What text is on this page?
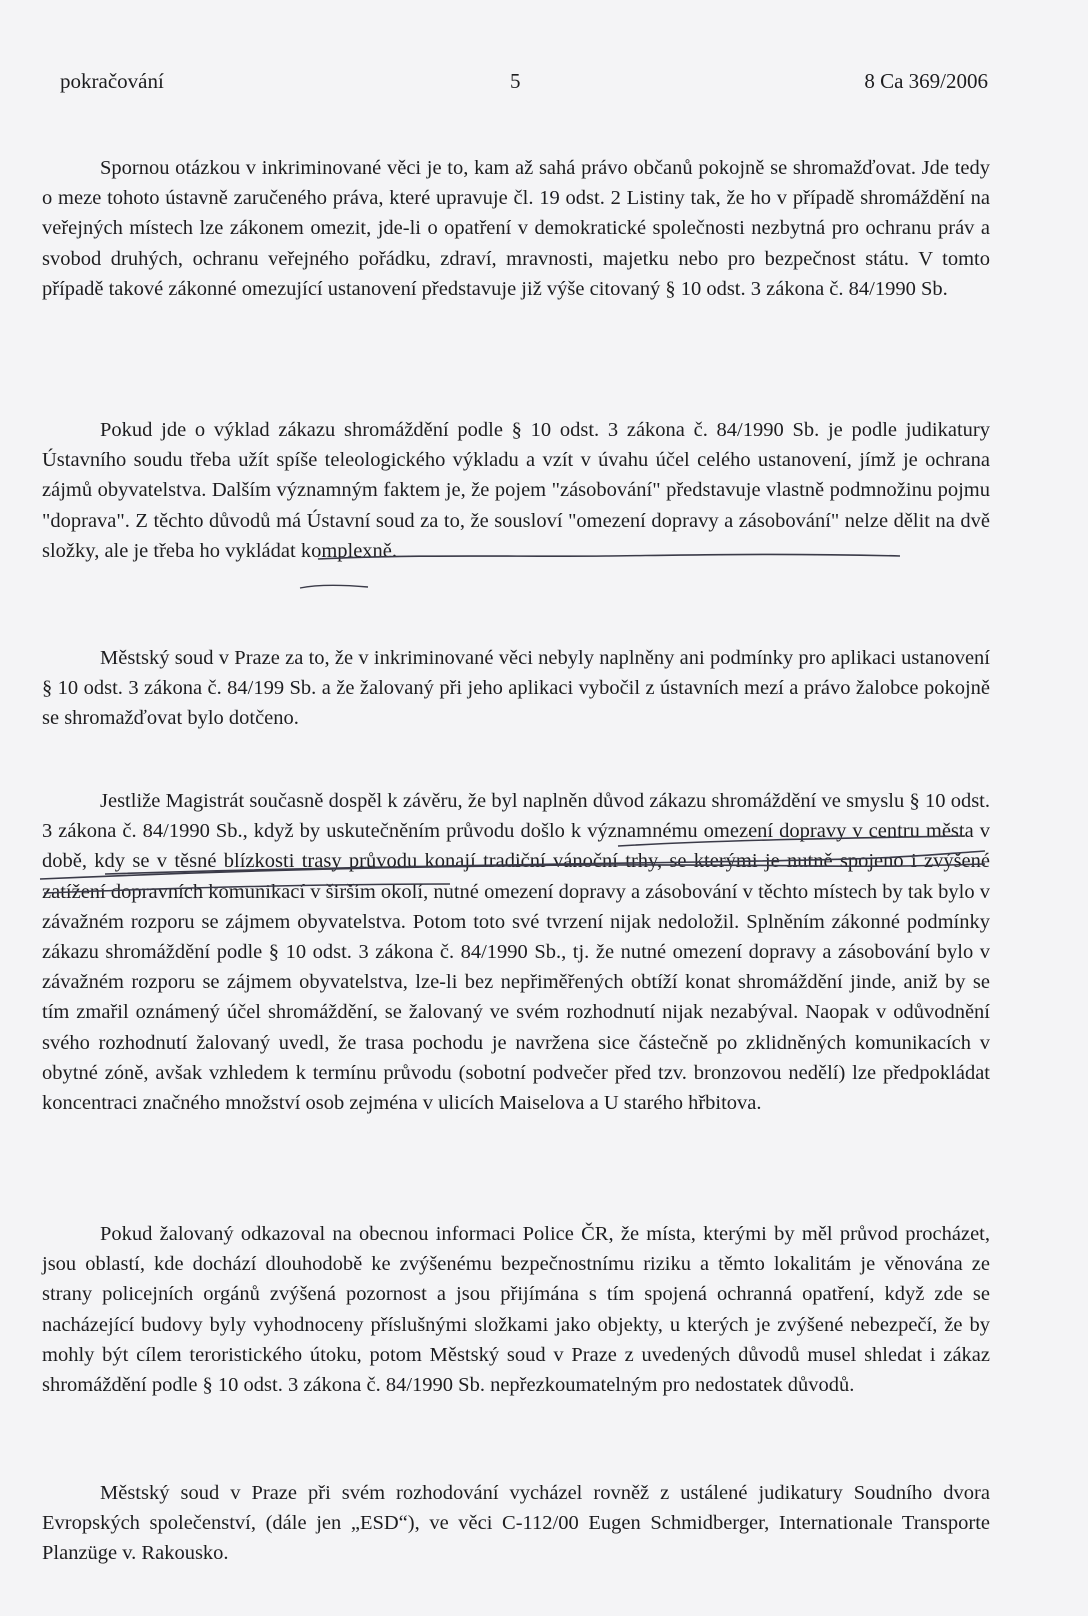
pokračování	5	8 Ca 369/2006

Spornou otázkou v inkriminované věci je to, kam až sahá právo občanů pokojně se shromažďovat. Jde tedy o meze tohoto ústavně zaručeného práva, které upravuje čl. 19 odst. 2 Listiny tak, že ho v případě shromáždění na veřejných místech lze zákonem omezit, jde-li o opatření v demokratické společnosti nezbytná pro ochranu práv a svobod druhých, ochranu veřejného pořádku, zdraví, mravnosti, majetku nebo pro bezpečnost státu. V tomto případě takové zákonné omezující ustanovení představuje již výše citovaný § 10 odst. 3 zákona č. 84/1990 Sb.

Pokud jde o výklad zákazu shromáždění podle § 10 odst. 3 zákona č. 84/1990 Sb. je podle judikatury Ústavního soudu třeba užít spíše teleologického výkladu a vzít v úvahu účel celého ustanovení, jímž je ochrana zájmů obyvatelstva. Dalším významným faktem je, že pojem "zásobování" představuje vlastně podmnožinu pojmu "doprava". Z těchto důvodů má Ústavní soud za to, že sousloví "omezení dopravy a zásobování" nelze dělit na dvě složky, ale je třeba ho vykládat komplexně.

Městský soud v Praze za to, že v inkriminované věci nebyly naplněny ani podmínky pro aplikaci ustanovení § 10 odst. 3 zákona č. 84/199 Sb. a že žalovaný při jeho aplikaci vybočil z ústavních mezí a právo žalobce pokojně se shromažďovat bylo dotčeno.

Jestliže Magistrát současně dospěl k závěru, že byl naplněn důvod zákazu shromáždění ve smyslu § 10 odst. 3 zákona č. 84/1990 Sb., když by uskutečněním průvodu došlo k významnému omezení dopravy v centru města v době, kdy se v těsné blízkosti trasy průvodu konají tradiční vánoční trhy, se kterými je nutně spojeno i zvýšené zatížení dopravních komunikací v širším okolí, nutné omezení dopravy a zásobování v těchto místech by tak bylo v závažném rozporu se zájmem obyvatelstva. Potom toto své tvrzení nijak nedoložil. Splněním zákonné podmínky zákazu shromáždění podle § 10 odst. 3 zákona č. 84/1990 Sb., tj. že nutné omezení dopravy a zásobování bylo v závažném rozporu se zájmem obyvatelstva, lze-li bez nepřiměřených obtíží konat shromáždění jinde, aniž by se tím zmařil oznámený účel shromáždění, se žalovaný ve svém rozhodnutí nijak nezabýval. Naopak v odůvodnění svého rozhodnutí žalovaný uvedl, že trasa pochodu je navržena sice částečně po zklidněných komunikacích v obytné zóně, avšak vzhledem k termínu průvodu (sobotní podvečer před tzv. bronzovou nedělí) lze předpokládat koncentraci značného množství osob zejména v ulicích Maiselova a U starého hřbitova.

Pokud žalovaný odkazoval na obecnou informaci Police ČR, že místa, kterými by měl průvod procházet, jsou oblastí, kde dochází dlouhodobě ke zvýšenému bezpečnostnímu riziku a těmto lokalitám je věnována ze strany policejních orgánů zvýšená pozornost a jsou přijímána s tím spojená ochranná opatření, když zde se nacházející budovy byly vyhodnoceny příslušnými složkami jako objekty, u kterých je zvýšené nebezpečí, že by mohly být cílem teroristického útoku, potom Městský soud v Praze z uvedených důvodů musel shledat i zákaz shromáždění podle § 10 odst. 3 zákona č. 84/1990 Sb. nepřezkoumatelným pro nedostatek důvodů.

Městský soud v Praze při svém rozhodování vycházel rovněž z ustálené judikatury Soudního dvora Evropských společenství, (dále jen „ESD“), ve věci C-112/00 Eugen Schmidberger, Internationale Transporte Planzüge v. Rakousko.
